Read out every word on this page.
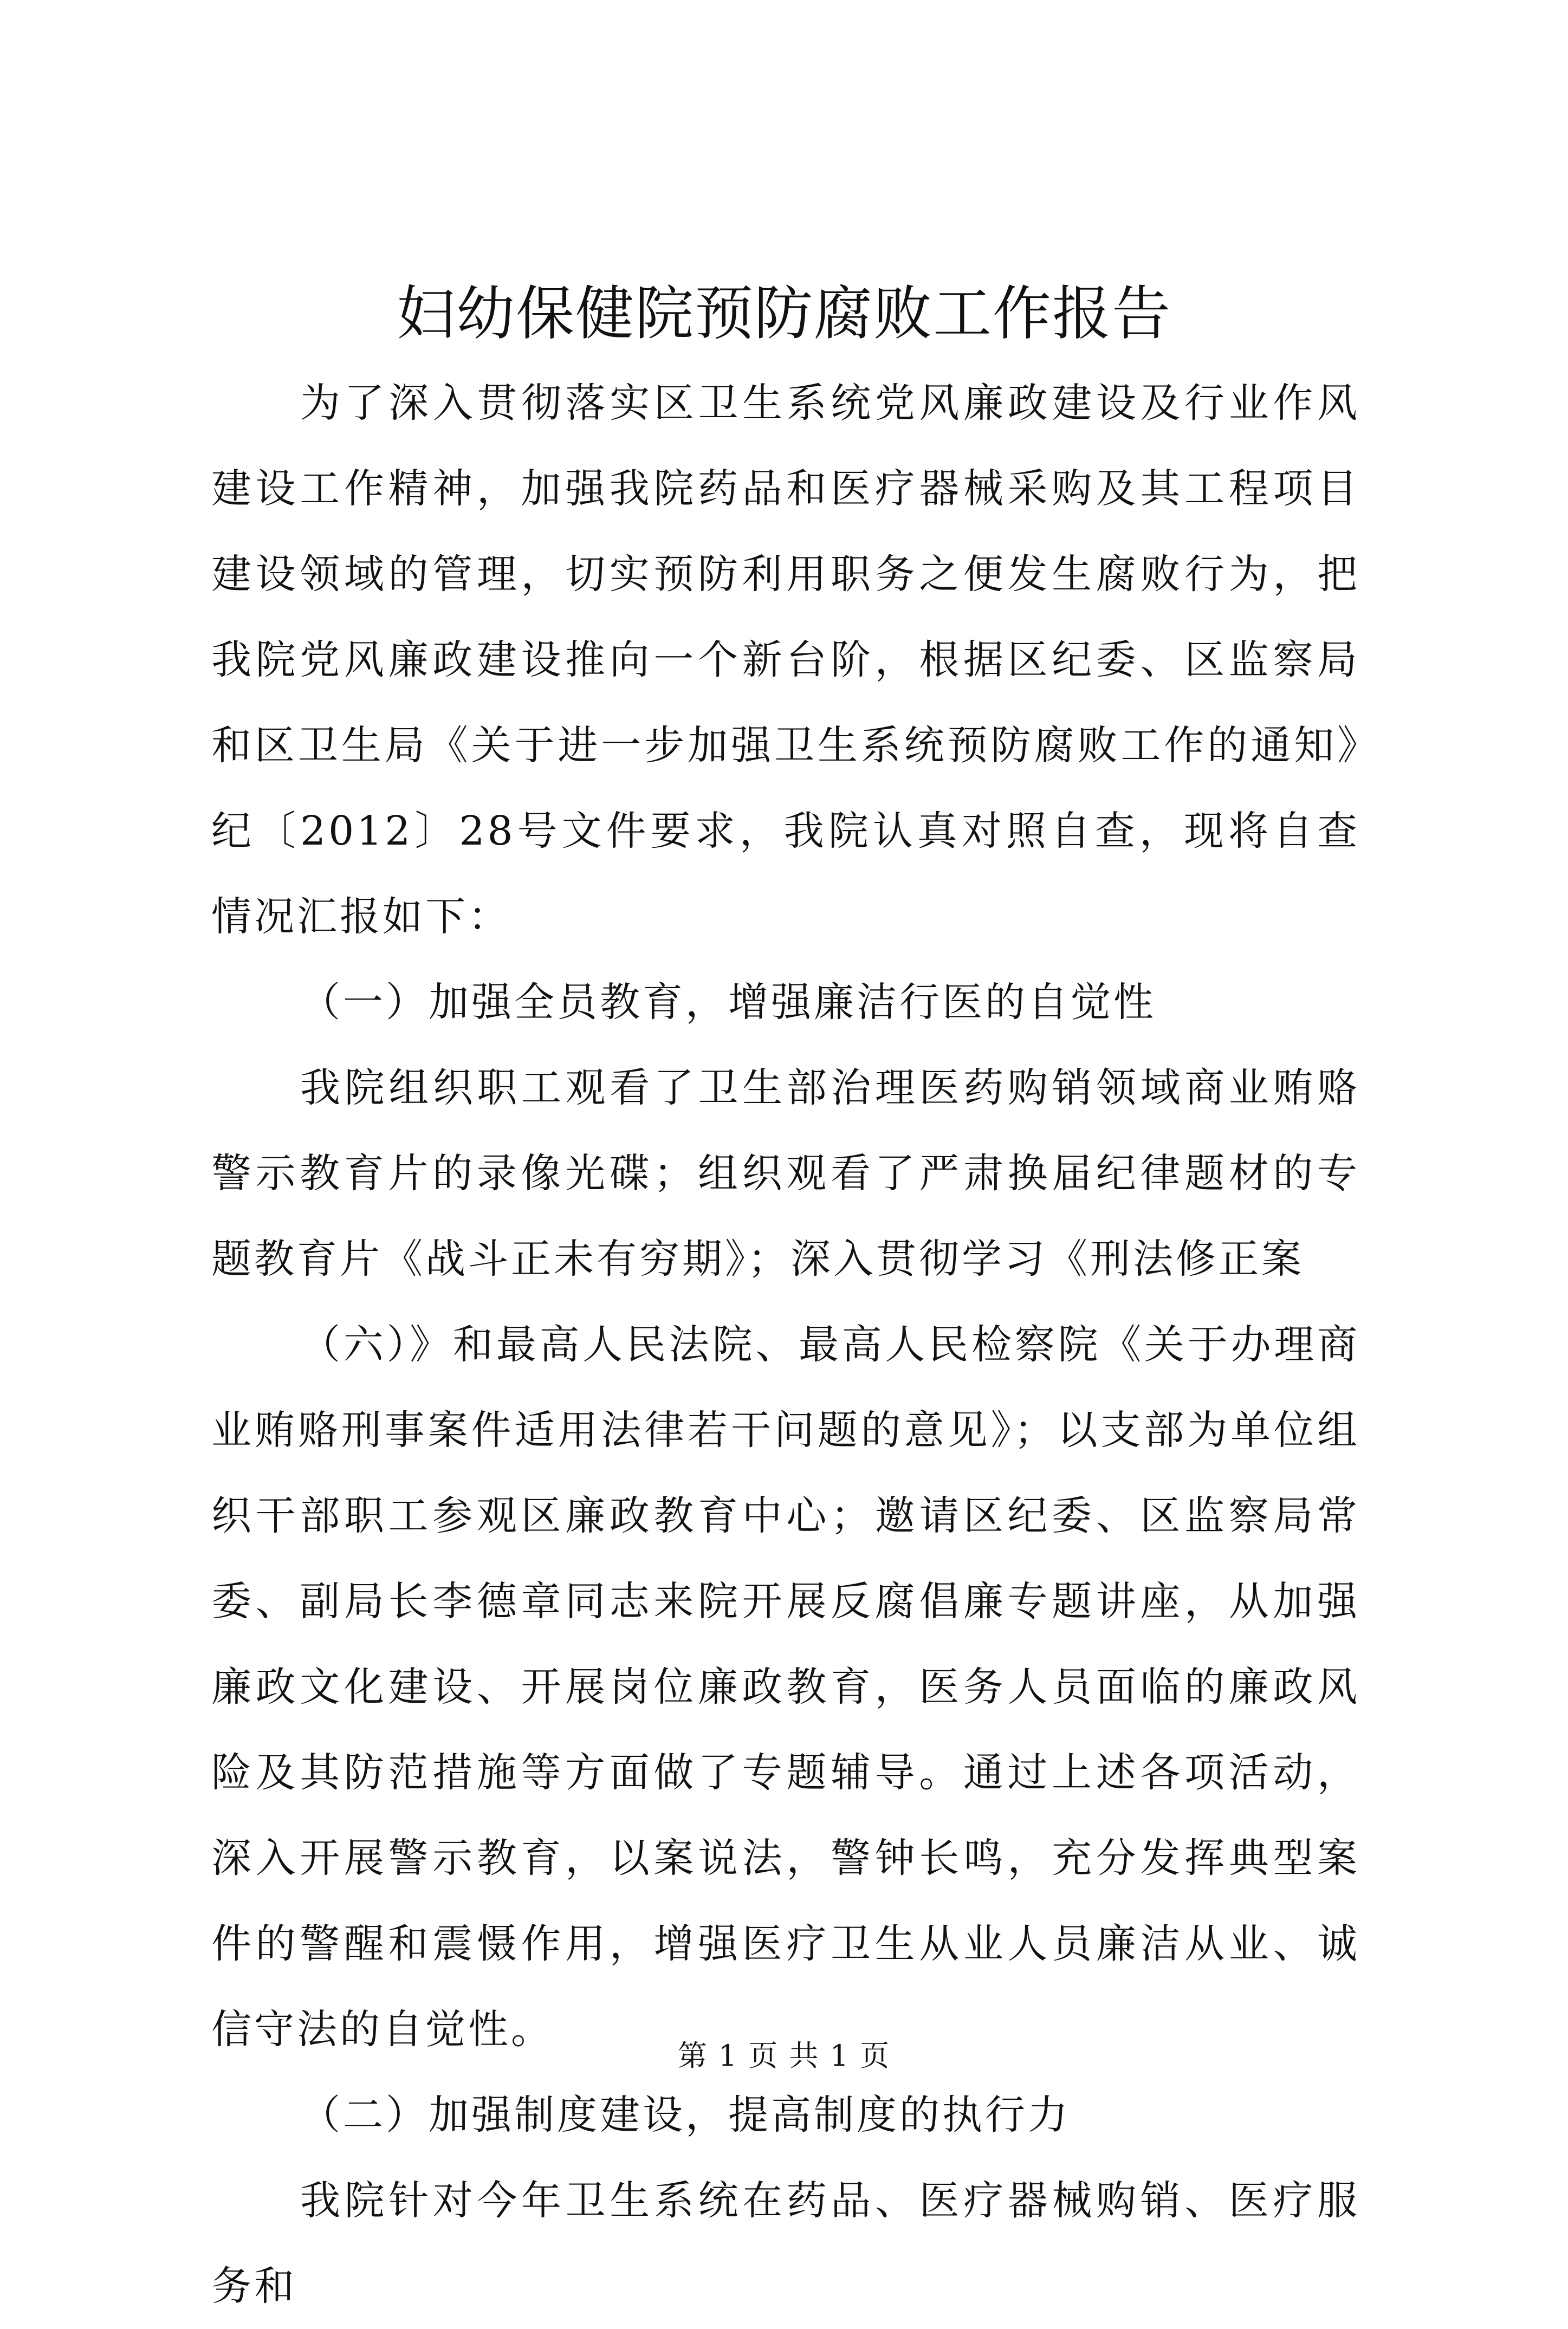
妇幼保健院预防腐败工作报告

为了深入贯彻落实区卫生系统党风廉政建设及行业作风建设工作精神，加强我院药品和医疗器械采购及其工程项目建设领域的管理，切实预防利用职务之便发生腐败行为，把我院党风廉政建设推向一个新台阶，根据区纪委、区监察局和区卫生局《关于进一步加强卫生系统预防腐败工作的通知》纪〔2012〕28号文件要求，我院认真对照自查，现将自查情况汇报如下：

（一）加强全员教育，增强廉洁行医的自觉性

我院组织职工观看了卫生部治理医药购销领域商业贿赂警示教育片的录像光碟；组织观看了严肃换届纪律题材的专题教育片《战斗正未有穷期》；深入贯彻学习《刑法修正案

（六）》和最高人民法院、最高人民检察院《关于办理商业贿赂刑事案件适用法律若干问题的意见》；以支部为单位组织干部职工参观区廉政教育中心；邀请区纪委、区监察局常委、副局长李德章同志来院开展反腐倡廉专题讲座，从加强廉政文化建设、开展岗位廉政教育，医务人员面临的廉政风险及其防范措施等方面做了专题辅导。通过上述各项活动，深入开展警示教育，以案说法，警钟长鸣，充分发挥典型案件的警醒和震慑作用，增强医疗卫生从业人员廉洁从业、诚信守法的自觉性。

（二）加强制度建设，提高制度的执行力

我院针对今年卫生系统在药品、医疗器械购销、医疗服务和

第 1 页 共 1 页
